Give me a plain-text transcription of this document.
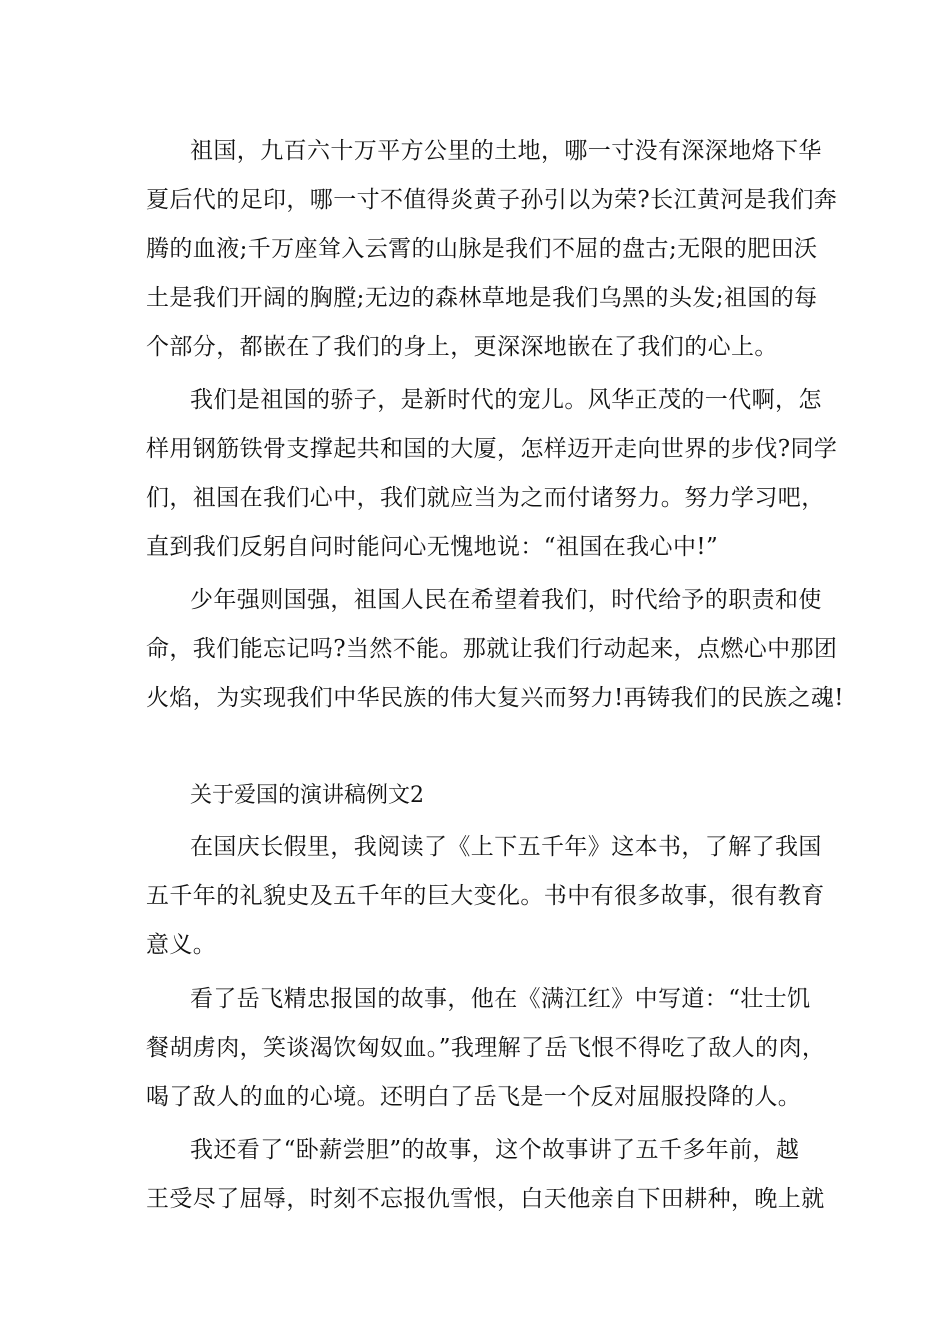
祖国，九百六十万平方公里的土地，哪一寸没有深深地烙下华
夏后代的足印，哪一寸不值得炎黄子孙引以为荣?长江黄河是我们奔
腾的血液;千万座耸入云霄的山脉是我们不屈的盘古;无限的肥田沃
土是我们开阔的胸膛;无边的森林草地是我们乌黑的头发;祖国的每
个部分，都嵌在了我们的身上，更深深地嵌在了我们的心上。
我们是祖国的骄子，是新时代的宠儿。风华正茂的一代啊，怎
样用钢筋铁骨支撑起共和国的大厦，怎样迈开走向世界的步伐?同学
们，祖国在我们心中，我们就应当为之而付诸努力。努力学习吧，
直到我们反躬自问时能问心无愧地说：“祖国在我心中!”
少年强则国强，祖国人民在希望着我们，时代给予的职责和使
命，我们能忘记吗?当然不能。那就让我们行动起来，点燃心中那团
火焰，为实现我们中华民族的伟大复兴而努力!再铸我们的民族之魂!
关于爱国的演讲稿例文2
在国庆长假里，我阅读了《上下五千年》这本书，了解了我国
五千年的礼貌史及五千年的巨大变化。书中有很多故事，很有教育
意义。
看了岳飞精忠报国的故事，他在《满江红》中写道：“壮士饥
餐胡虏肉，笑谈渴饮匈奴血。”我理解了岳飞恨不得吃了敌人的肉，
喝了敌人的血的心境。还明白了岳飞是一个反对屈服投降的人。
我还看了“卧薪尝胆”的故事，这个故事讲了五千多年前，越
王受尽了屈辱，时刻不忘报仇雪恨，白天他亲自下田耕种，晚上就
